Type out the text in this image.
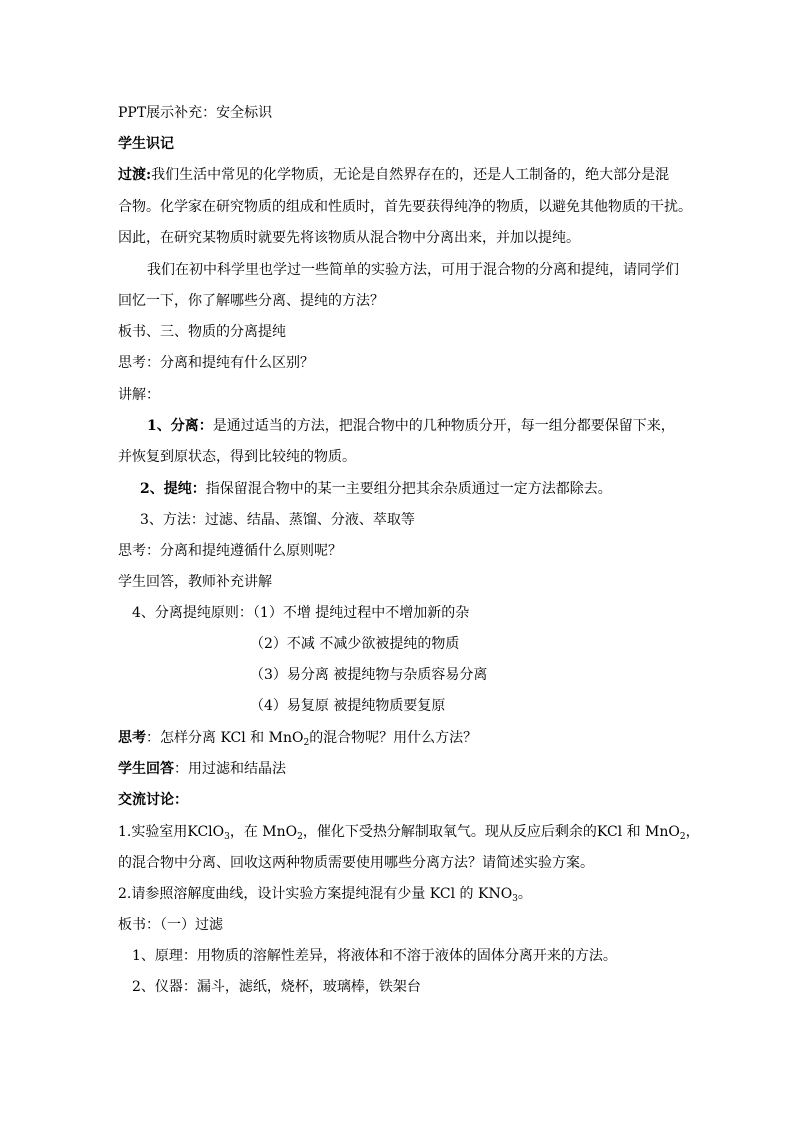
PPT展示补充：安全标识
学生识记
过渡:我们生活中常见的化学物质，无论是自然界存在的，还是人工制备的，绝大部分是混
合物。化学家在研究物质的组成和性质时，首先要获得纯净的物质，以避免其他物质的干扰。
因此，在研究某物质时就要先将该物质从混合物中分离出来，并加以提纯。
我们在初中科学里也学过一些简单的实验方法，可用于混合物的分离和提纯，请同学们
回忆一下，你了解哪些分离、提纯的方法？
板书、三、物质的分离提纯
思考：分离和提纯有什么区别？
讲解：
1、分离：是通过适当的方法，把混合物中的几种物质分开，每一组分都要保留下来，
并恢复到原状态，得到比较纯的物质。
2、提纯：指保留混合物中的某一主要组分把其余杂质通过一定方法都除去。
3、方法：过滤、结晶、蒸馏、分液、萃取等
思考：分离和提纯遵循什么原则呢？
学生回答，教师补充讲解
4、分离提纯原则：（1）不增 提纯过程中不增加新的杂
（2）不减 不减少欲被提纯的物质
（3）易分离 被提纯物与杂质容易分离
（4）易复原 被提纯物质要复原
思考：怎样分离 KCl 和 MnO$_2$的混合物呢？用什么方法？
学生回答：用过滤和结晶法
交流讨论：
1.实验室用KClO$_3$，在 MnO$_2$，催化下受热分解制取氧气。现从反应后剩余的KCl 和 MnO$_2$，
的混合物中分离、回收这两种物质需要使用哪些分离方法？请简述实验方案。
2.请参照溶解度曲线，设计实验方案提纯混有少量 KCl 的 $KNO_3$。
板书：（一）过滤
1、原理：用物质的溶解性差异，将液体和不溶于液体的固体分离开来的方法。
2、仪器：漏斗，滤纸，烧杯，玻璃棒，铁架台
